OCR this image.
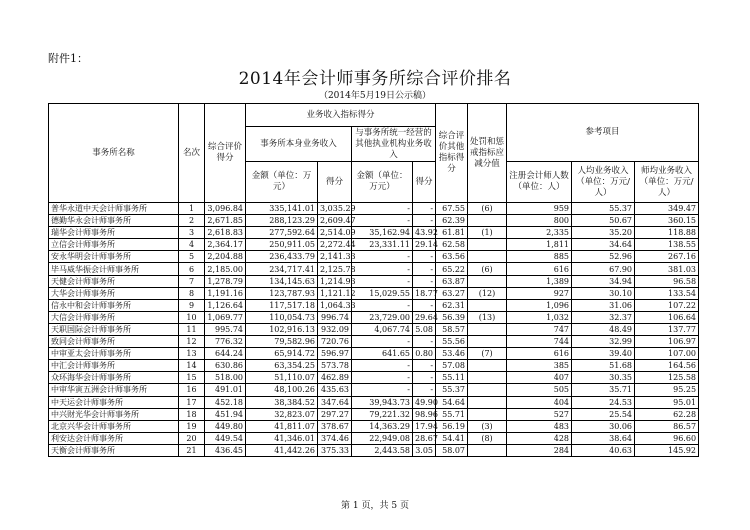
附件1：
2014年会计师事务所综合评价排名
（2014年5月19日公示稿）
事务所名称	名次	综合评价得分	业务收入指标得分				综合评价其他指标得分	处罚和惩戒指标应减分值	参考项目		
			事务所本身业务收入		与事务所统一经营的其他执业机构业务收入						
			金额（单位：万元）	得分	金额（单位：万元）	得分			注册会计师人数（单位：人）	人均业务收入（单位：万元/人）	师均业务收入（单位：万元/人）
普华永道中天会计师事务所	1	3,096.84	335,141.01	3,035.29	-	-	67.55	(6)	959	55.37	349.47
德勤华永会计师事务所	2	2,671.85	288,123.29	2,609.47	-	-	62.39		800	50.67	360.15
瑞华会计师事务所	3	2,618.83	277,592.64	2,514.09	35,162.94	43.92	61.81	(1)	2,335	35.20	118.88
立信会计师事务所	4	2,364.17	250,911.05	2,272.44	23,331.11	29.14	62.58		1,811	34.64	138.55
安永华明会计师事务所	5	2,204.88	236,433.79	2,141.33	-	-	63.56		885	52.96	267.16
毕马威华振会计师事务所	6	2,185.00	234,717.41	2,125.78	-	-	65.22	(6)	616	67.90	381.03
天健会计师事务所	7	1,278.79	134,145.63	1,214.93	-	-	63.87		1,389	34.94	96.58
大华会计师事务所	8	1,191.16	123,787.93	1,121.12	15,029.55	18.77	63.27	(12)	927	30.10	133.54
信永中和会计师事务所	9	1,126.64	117,517.18	1,064.33	-	-	62.31		1,096	31.06	107.22
大信会计师事务所	10	1,069.77	110,054.73	996.74	23,729.00	29.64	56.39	(13)	1,032	32.37	106.64
天职国际会计师事务所	11	995.74	102,916.13	932.09	4,067.74	5.08	58.57		747	48.49	137.77
致同会计师事务所	12	776.32	79,582.96	720.76	-	-	55.56		744	32.99	106.97
中审亚太会计师事务所	13	644.24	65,914.72	596.97	641.65	0.80	53.46	(7)	616	39.40	107.00
中汇会计师事务所	14	630.86	63,354.25	573.78	-	-	57.08		385	51.68	164.56
众环海华会计师事务所	15	518.00	51,110.07	462.89	-	-	55.11		407	30.35	125.58
中审华寅五洲会计师事务所	16	491.01	48,100.26	435.63	-	-	55.37		505	35.71	95.25
中天运会计师事务所	17	452.18	38,384.52	347.64	39,943.73	49.90	54.64		404	24.53	95.01
中兴财光华会计师事务所	18	451.94	32,823.07	297.27	79,221.32	98.96	55.71		527	25.54	62.28
北京兴华会计师事务所	19	449.80	41,811.07	378.67	14,363.29	17.94	56.19	(3)	483	30.06	86.57
利安达会计师事务所	20	449.54	41,346.01	374.46	22,949.08	28.67	54.41	(8)	428	38.64	96.60
天衡会计师事务所	21	436.45	41,442.26	375.33	2,443.58	3.05	58.07		284	40.63	145.92
第 1 页，共 5 页
